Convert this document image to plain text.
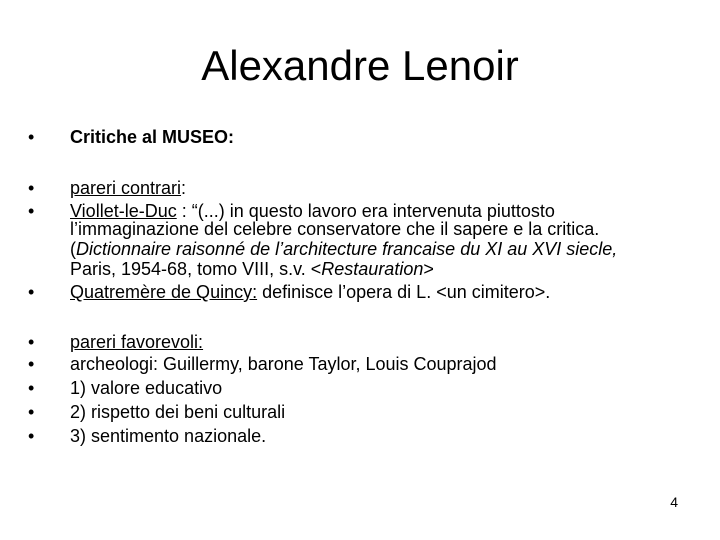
Alexandre Lenoir
• Critiche al MUSEO:
• pareri contrari:
• Viollet-le-Duc : “(...) in questo lavoro era intervenuta piuttosto
l’immaginazione del celebre conservatore che il sapere e la critica.
(Dictionnaire raisonné de l’architecture francaise du XI au XVI siecle,
Paris, 1954-68, tomo VIII, s.v. <Restauration>
• Quatremère de Quincy: definisce l’opera di L. <un cimitero>.
• pareri favorevoli:
• archeologi: Guillermy, barone Taylor, Louis Couprajod
• 1) valore educativo
• 2) rispetto dei beni culturali
• 3) sentimento nazionale.
4
